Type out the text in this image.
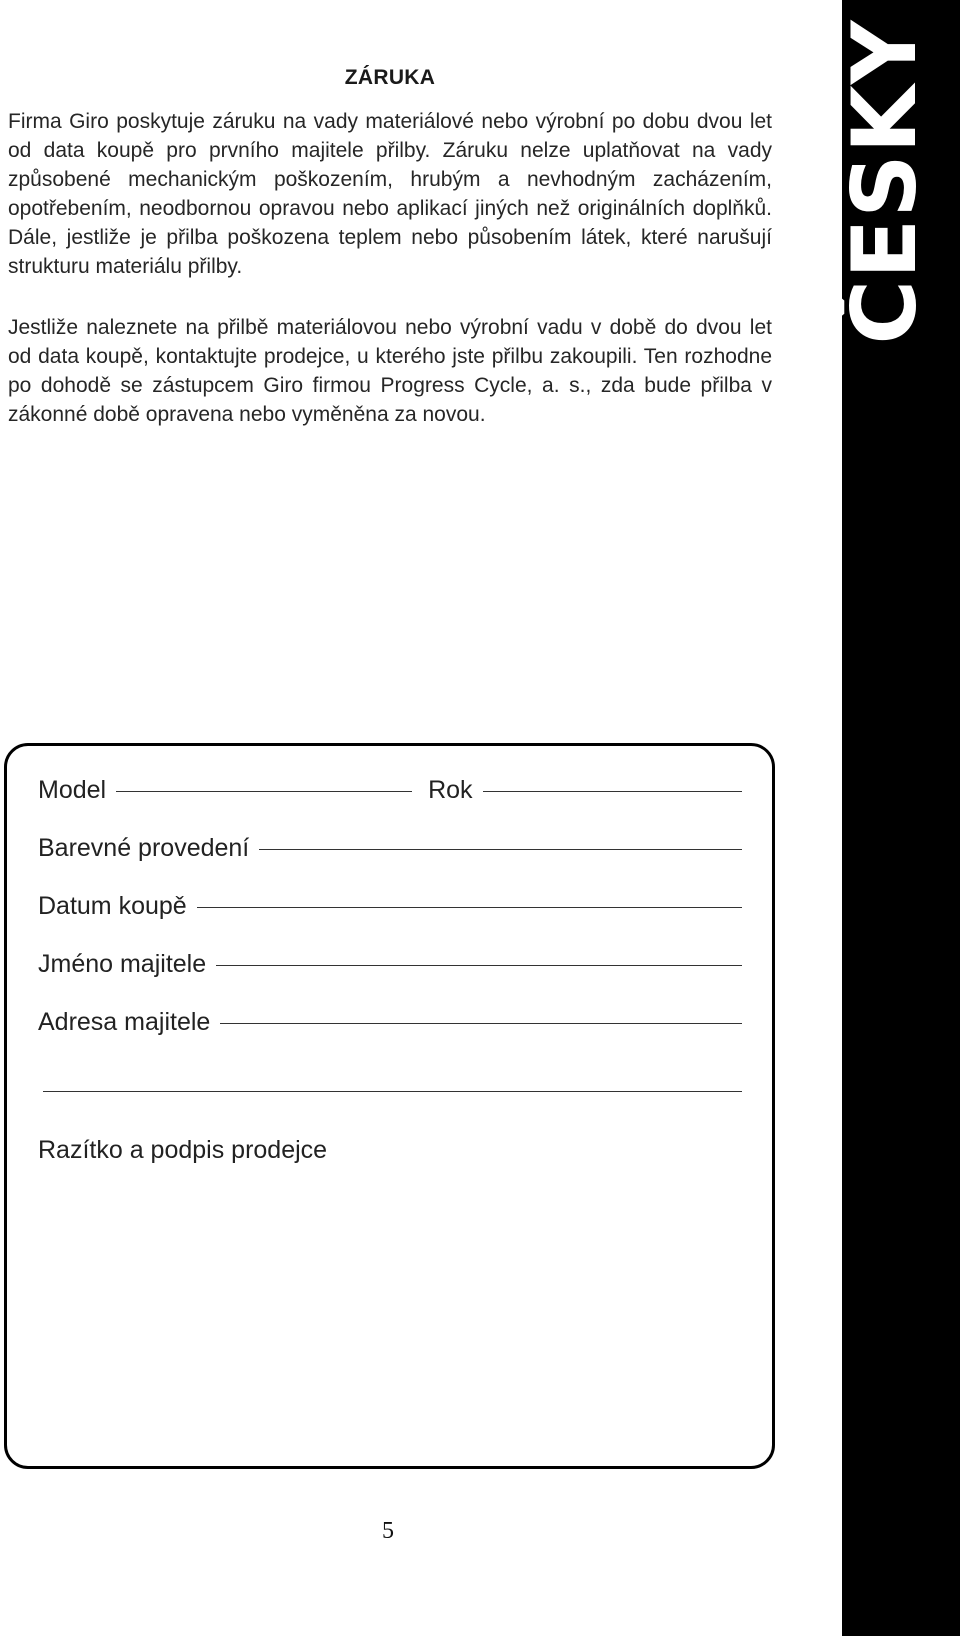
ČESKY
ZÁRUKA

Firma Giro poskytuje záruku na vady materiálové nebo výrobní po dobu dvou let od data koupě pro prvního majitele přilby. Záruku nelze uplatňovat na vady způsobené mechanickým poškozením, hrubým a nevhodným zacházením, opotřebením, neodbornou opravou nebo aplikací jiných než originálních doplňků. Dále, jestliže je přilba poškozena teplem nebo působením látek, které narušují strukturu materiálu přilby.

Jestliže naleznete na přilbě materiálovou nebo výrobní vadu v době do dvou let od data koupě, kontaktujte prodejce, u kterého jste přilbu zakoupili. Ten rozhodne po dohodě se zástupcem Giro firmou Progress Cycle, a. s., zda bude přilba v zákonné době opravena nebo vyměněna za novou.

Model	Rok
Barevné provedení
Datum koupě
Jméno majitele
Adresa majitele
Razítko a podpis prodejce
5
